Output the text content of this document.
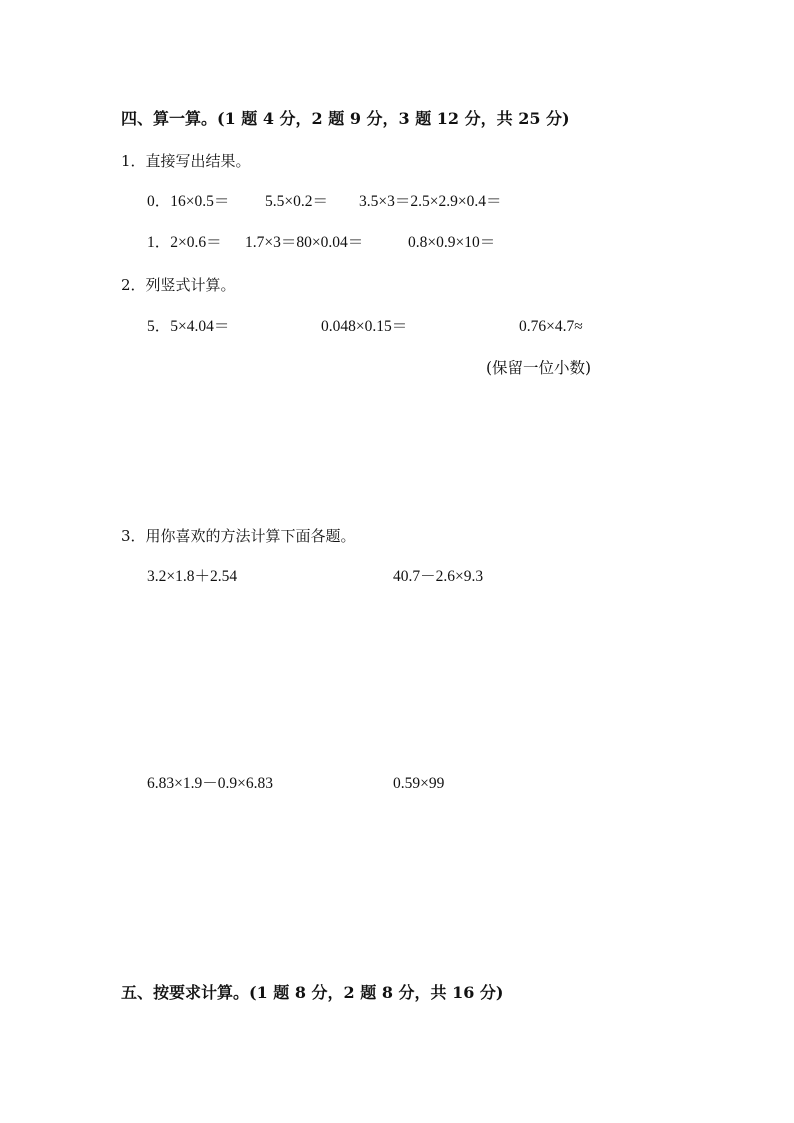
四、算一算。(1 题 4 分，2 题 9 分，3 题 12 分，共 25 分)
1．直接写出结果。
0．16×0.5＝ 5.5×0.2＝ 3.5×3＝2.5×2.9×0.4＝
1．2×0.6＝ 1.7×3＝80×0.04＝	0.8×0.9×10＝
2．列竖式计算。
5．5×4.04＝	0.048×0.15＝	0.76×4.7≈
(保留一位小数)
3．用你喜欢的方法计算下面各题。
3.2×1.8＋2.54	40.7－2.6×9.3
6.83×1.9－0.9×6.83	0.59×99
五、按要求计算。(1 题 8 分，2 题 8 分，共 16 分)
